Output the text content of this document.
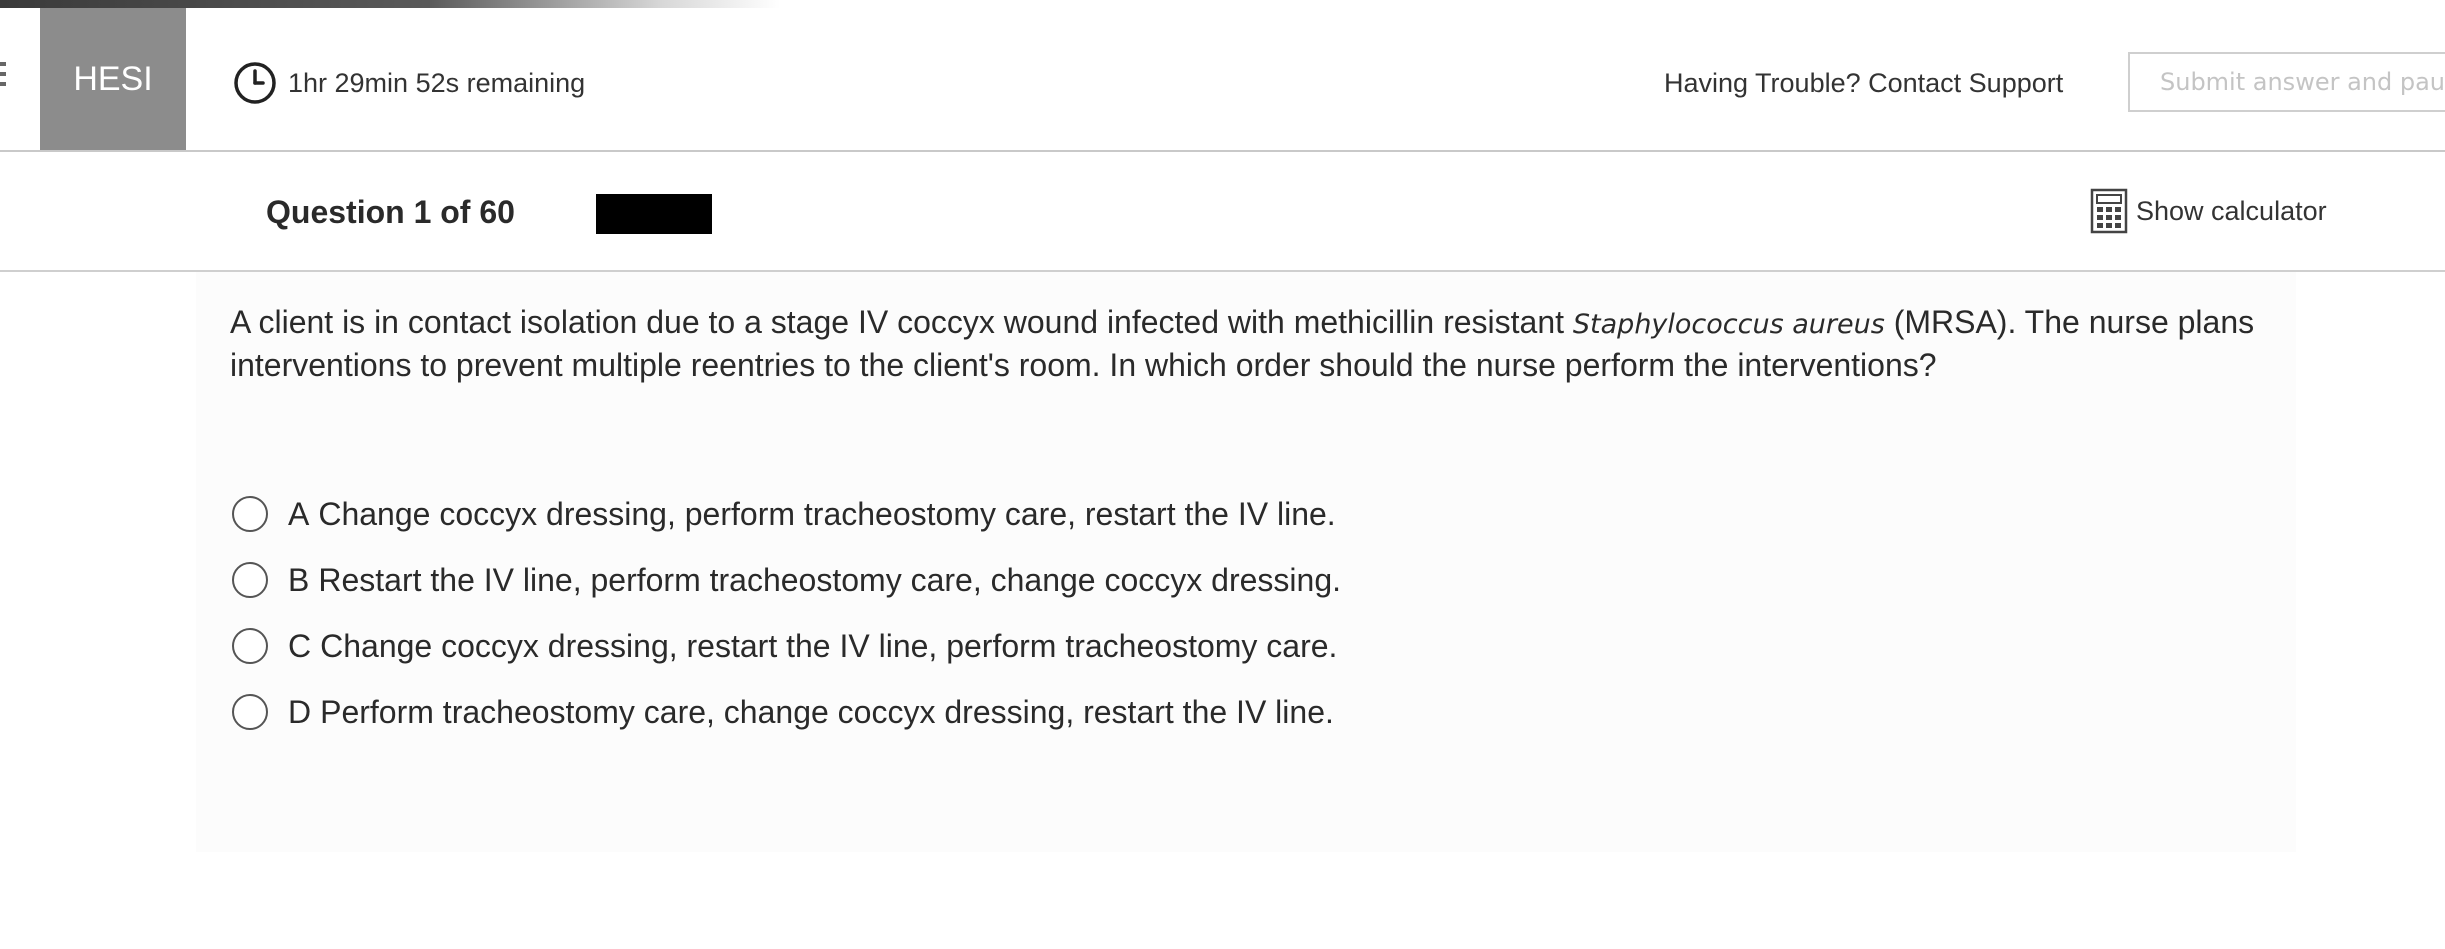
HESI	1hr 29min 52s remaining	Having Trouble? Contact Support	Submit answer and pau
Question 1 of 60	Show calculator
A client is in contact isolation due to a stage IV coccyx wound infected with methicillin resistant Staphylococcus aureus (MRSA). The nurse plans interventions to prevent multiple reentries to the client's room. In which order should the nurse perform the interventions?
A Change coccyx dressing, perform tracheostomy care, restart the IV line.
B Restart the IV line, perform tracheostomy care, change coccyx dressing.
C Change coccyx dressing, restart the IV line, perform tracheostomy care.
D Perform tracheostomy care, change coccyx dressing, restart the IV line.
